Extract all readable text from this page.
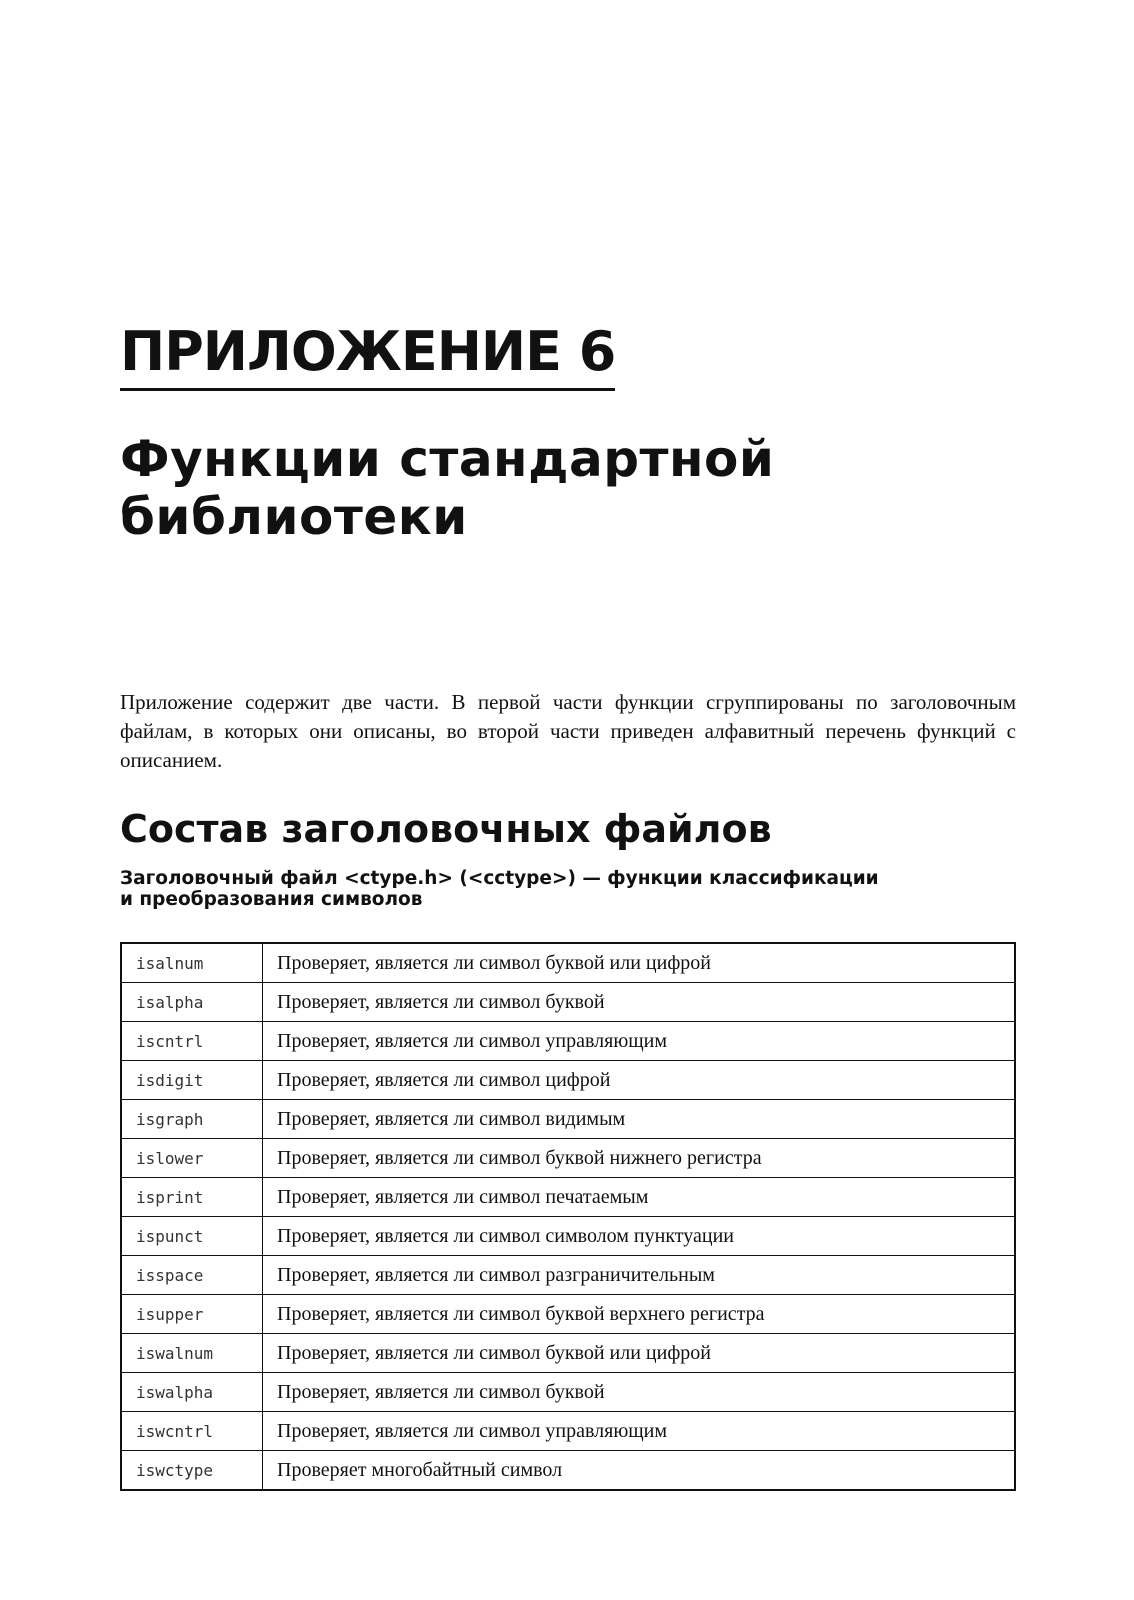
ПРИЛОЖЕНИЕ 6
Функции стандартной
библиотеки

Приложение содержит две части. В первой части функции сгруппированы по заголовочным файлам, в которых они описаны, во второй части приведен алфавитный перечень функций с описанием.

Состав заголовочных файлов
Заголовочный файл <ctype.h> (<cctype>) — функции классификации
и преобразования символов
isalnum	Проверяет, является ли символ буквой или цифрой
isalpha	Проверяет, является ли символ буквой
iscntrl	Проверяет, является ли символ управляющим
isdigit	Проверяет, является ли символ цифрой
isgraph	Проверяет, является ли символ видимым
islower	Проверяет, является ли символ буквой нижнего регистра
isprint	Проверяет, является ли символ печатаемым
ispunct	Проверяет, является ли символ символом пунктуации
isspace	Проверяет, является ли символ разграничительным
isupper	Проверяет, является ли символ буквой верхнего регистра
iswalnum	Проверяет, является ли символ буквой или цифрой
iswalpha	Проверяет, является ли символ буквой
iswcntrl	Проверяет, является ли символ управляющим
iswctype	Проверяет многобайтный символ
